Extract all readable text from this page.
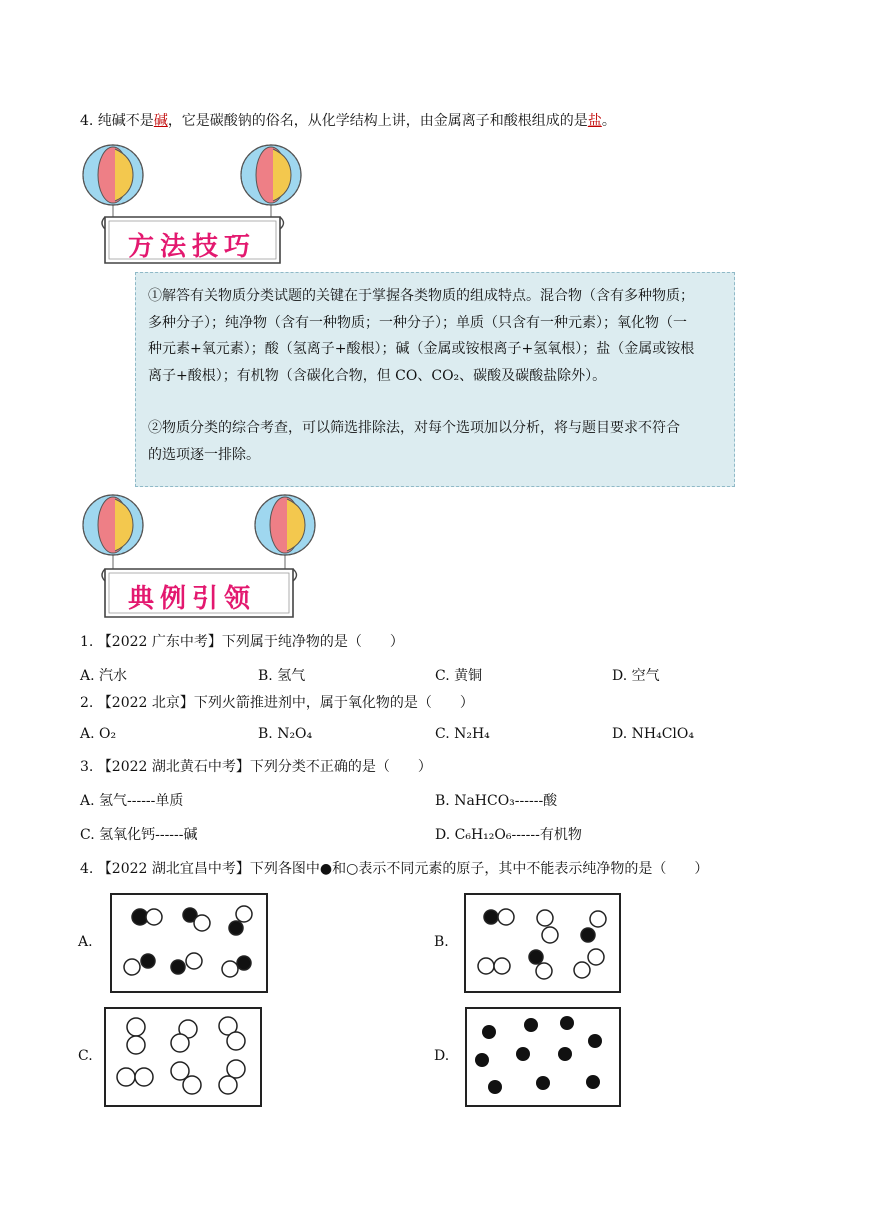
4. 纯碱不是碱，它是碳酸钠的俗名，从化学结构上讲，由金属离子和酸根组成的是盐。
方法技巧

①解答有关物质分类试题的关键在于掌握各类物质的组成特点。混合物（含有多种物质；

多种分子）；纯净物（含有一种物质；一种分子）；单质（只含有一种元素）；氧化物（一

种元素+氧元素）；酸（氢离子+酸根）；碱（金属或铵根离子+氢氧根）；盐（金属或铵根

离子+酸根）；有机物（含碳化合物，但 CO、CO₂、碳酸及碳酸盐除外）。

②物质分类的综合考查，可以筛选排除法，对每个选项加以分析，将与题目要求不符合

的选项逐一排除。

典例引领
1. 【2022 广东中考】下列属于纯净物的是（　　）
A. 汽水	B. 氢气	C. 黄铜	D. 空气
2. 【2022 北京】下列火箭推进剂中，属于氧化物的是（　　）
A. O₂	B. N₂O₄	C. N₂H₄	D. NH₄ClO₄
3. 【2022 湖北黄石中考】下列分类不正确的是（　　）
A. 氢气------单质	B. NaHCO₃------酸
C. 氢氧化钙------碱	D. C₆H₁₂O₆------有机物
4. 【2022 湖北宜昌中考】下列各图中●和○表示不同元素的原子，其中不能表示纯净物的是（　　）
A.	B.
C.	D.
